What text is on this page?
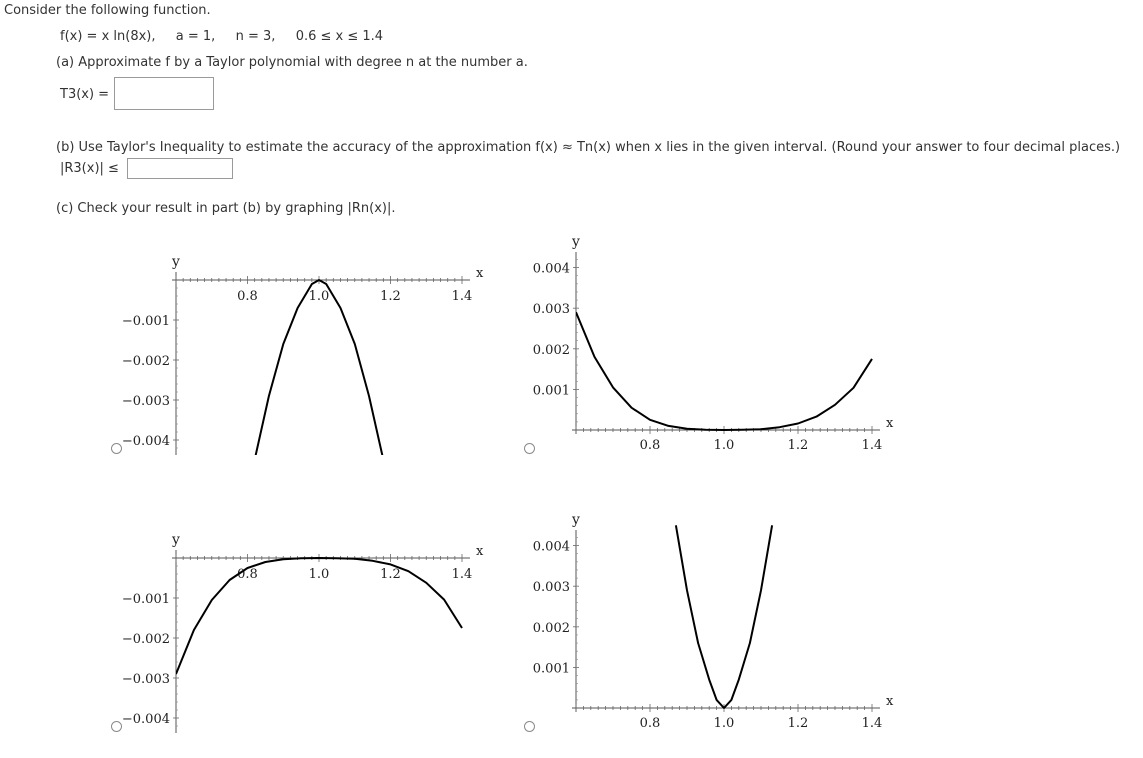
Consider the following function.
f(x) = x ln(8x), a = 1, n = 3, 0.6 ≤ x ≤ 1.4
(a) Approximate f by a Taylor polynomial with degree n at the number a.
T3(x) =
(b) Use Taylor's Inequality to estimate the accuracy of the approximation f(x) ≈ Tn(x) when x lies in the given interval. (Round your answer to four decimal places.)
|R3(x)| ≤
(c) Check your result in part (b) by graphing |Rn(x)|.
0.8	1.0	1.2	1.4
−0.001
−0.002
−0.003
−0.004
x
y
0.8	1.0	1.2	1.4
0.001
0.002
0.003
0.004
x
y
0.8	1.0	1.2	1.4
−0.001
−0.002
−0.003
−0.004
x
y
0.8	1.0	1.2	1.4
0.001
0.002
0.003
0.004
x
y
